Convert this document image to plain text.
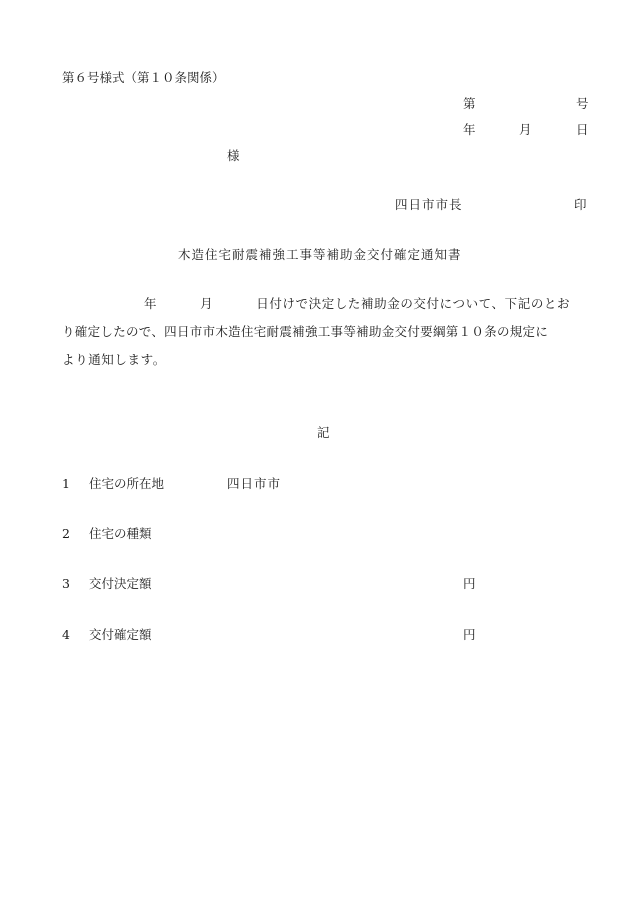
第６号様式（第１０条関係）
第	号
年	月	日
様
四日市市長	印
木造住宅耐震補強工事等補助金交付確定通知書
年	月	日付けで決定した補助金の交付について、下記のとお
り確定したので、四日市市木造住宅耐震補強工事等補助金交付要綱第１０条の規定に
より通知します。
記
1 住宅の所在地	四日市市
2 住宅の種類
3 交付決定額	円
4 交付確定額	円
